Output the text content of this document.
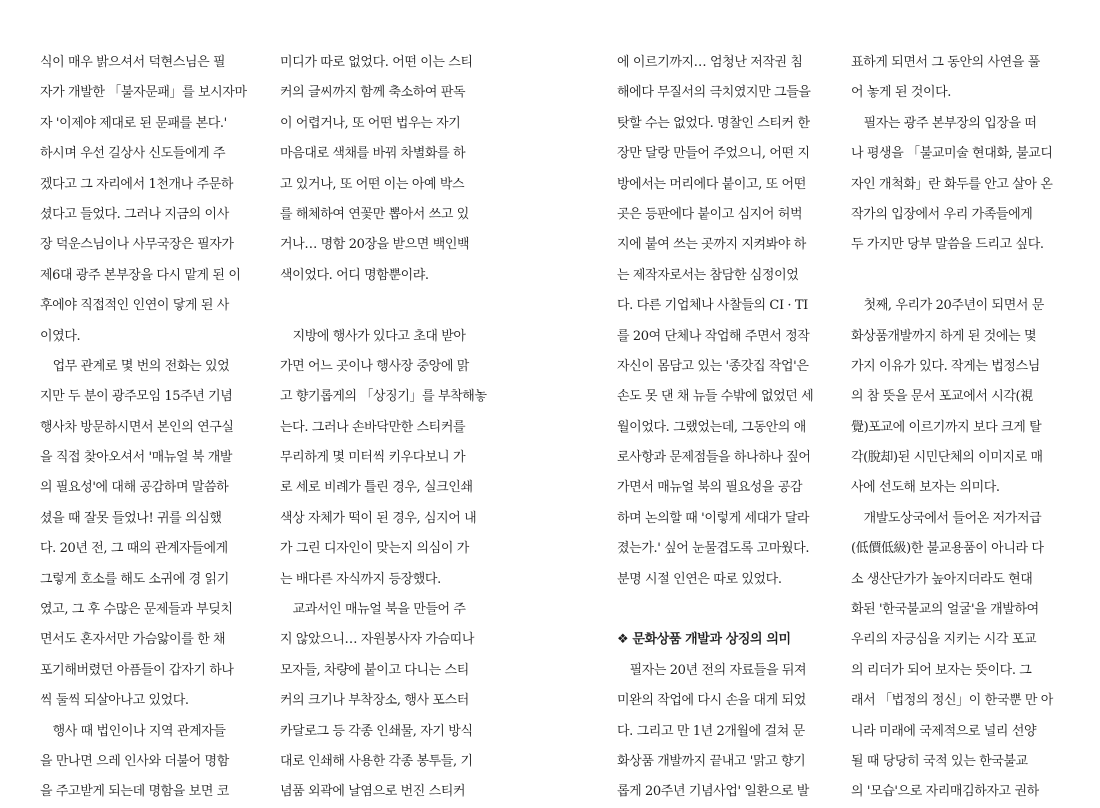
식이 매우 밝으셔서 덕현스님은 필
자가 개발한 「불자문패」를 보시자마
자 '이제야 제대로 된 문패를 본다.'
하시며 우선 길상사 신도들에게 주
겠다고 그 자리에서 1천개나 주문하
셨다고 들었다. 그러나 지금의 이사
장 덕운스님이나 사무국장은 필자가
제6대 광주 본부장을 다시 맡게 된 이
후에야 직접적인 인연이 닿게 된 사
이였다.
　업무 관계로 몇 번의 전화는 있었
지만 두 분이 광주모임 15주년 기념
행사차 방문하시면서 본인의 연구실
을 직접 찾아오셔서 '매뉴얼 북 개발
의 필요성'에 대해 공감하며 말씀하
셨을 때 잘못 들었나! 귀를 의심했
다. 20년 전, 그 때의 관계자들에게
그렇게 호소를 해도 소귀에 경 읽기
였고, 그 후 수많은 문제들과 부딪치
면서도 혼자서만 가슴앓이를 한 채
포기해버렸던 아픔들이 갑자기 하나
씩 둘씩 되살아나고 있었다.
　행사 때 법인이나 지역 관계자들
을 만나면 으레 인사와 더불어 명함
을 주고받게 되는데 명함을 보면 코
미디가 따로 없었다. 어떤 이는 스티
커의 글씨까지 함께 축소하여 판독
이 어렵거나, 또 어떤 법우는 자기
마음대로 색채를 바꿔 차별화를 하
고 있거나, 또 어떤 이는 아예 박스
를 해체하여 연꽃만 뽑아서 쓰고 있
거나… 명함 20장을 받으면 백인백
색이었다. 어디 명함뿐이랴.
　지방에 행사가 있다고 초대 받아
가면 어느 곳이나 행사장 중앙에 맑
고 향기롭게의 「상징기」를 부착해놓
는다. 그러나 손바닥만한 스티커를
무리하게 몇 미터씩 키우다보니 가
로 세로 비례가 틀린 경우, 실크인쇄
색상 자체가 떡이 된 경우, 심지어 내
가 그린 디자인이 맞는지 의심이 가
는 배다른 자식까지 등장했다.
　교과서인 매뉴얼 북을 만들어 주
지 않았으니… 자원봉사자 가슴띠나
모자들, 차량에 붙이고 다니는 스티
커의 크기나 부착장소, 행사 포스터
카달로그 등 각종 인쇄물, 자기 방식
대로 인쇄해 사용한 각종 봉투들, 기
념품 외곽에 날염으로 번진 스티커
에 이르기까지… 엄청난 저작권 침
해에다 무질서의 극치였지만 그들을
탓할 수는 없었다. 명찰인 스티커 한
장만 달랑 만들어 주었으니, 어떤 지
방에서는 머리에다 붙이고, 또 어떤
곳은 등판에다 붙이고 심지어 허벅
지에 붙여 쓰는 곳까지 지켜봐야 하
는 제작자로서는 참담한 심정이었
다. 다른 기업체나 사찰들의 CI · TI
를 20여 단체나 작업해 주면서 정작
자신이 몸담고 있는 '종갓집 작업'은
손도 못 댄 채 뉴들 수밖에 없었던 세
월이었다. 그랬었는데, 그동안의 애
로사항과 문제점들을 하나하나 짚어
가면서 매뉴얼 북의 필요성을 공감
하며 논의할 때 '이렇게 세대가 달라
졌는가.' 싶어 눈물겹도록 고마웠다.
분명 시절 인연은 따로 있었다.
❖ 문화상품 개발과 상징의 의미
　필자는 20년 전의 자료들을 뒤져
미완의 작업에 다시 손을 대게 되었
다. 그리고 만 1년 2개월에 걸쳐 문
화상품 개발까지 끝내고 '맑고 향기
롭게 20주년 기념사업' 일환으로 발
표하게 되면서 그 동안의 사연을 풀
어 놓게 된 것이다.
　필자는 광주 본부장의 입장을 떠
나 평생을 「불교미술 현대화, 불교디
자인 개척화」란 화두를 안고 살아 온
작가의 입장에서 우리 가족들에게
두 가지만 당부 말씀을 드리고 싶다.
　첫째, 우리가 20주년이 되면서 문
화상품개발까지 하게 된 것에는 몇
가지 이유가 있다. 작게는 법정스님
의 참 뜻을 문서 포교에서 시각(視
覺)포교에 이르기까지 보다 크게 탈
각(脫却)된 시민단체의 이미지로 매
사에 선도해 보자는 의미다.
　개발도상국에서 들어온 저가저급
(低價低級)한 불교용품이 아니라 다
소 생산단가가 높아지더라도 현대
화된 '한국불교의 얼굴'을 개발하여
우리의 자긍심을 지키는 시각 포교
의 리더가 되어 보자는 뜻이다. 그
래서 「법정의 정신」이 한국뿐 만 아
니라 미래에 국제적으로 널리 선양
될 때 당당히 국적 있는 한국불교
의 '모습'으로 자리매김하자고 권하
